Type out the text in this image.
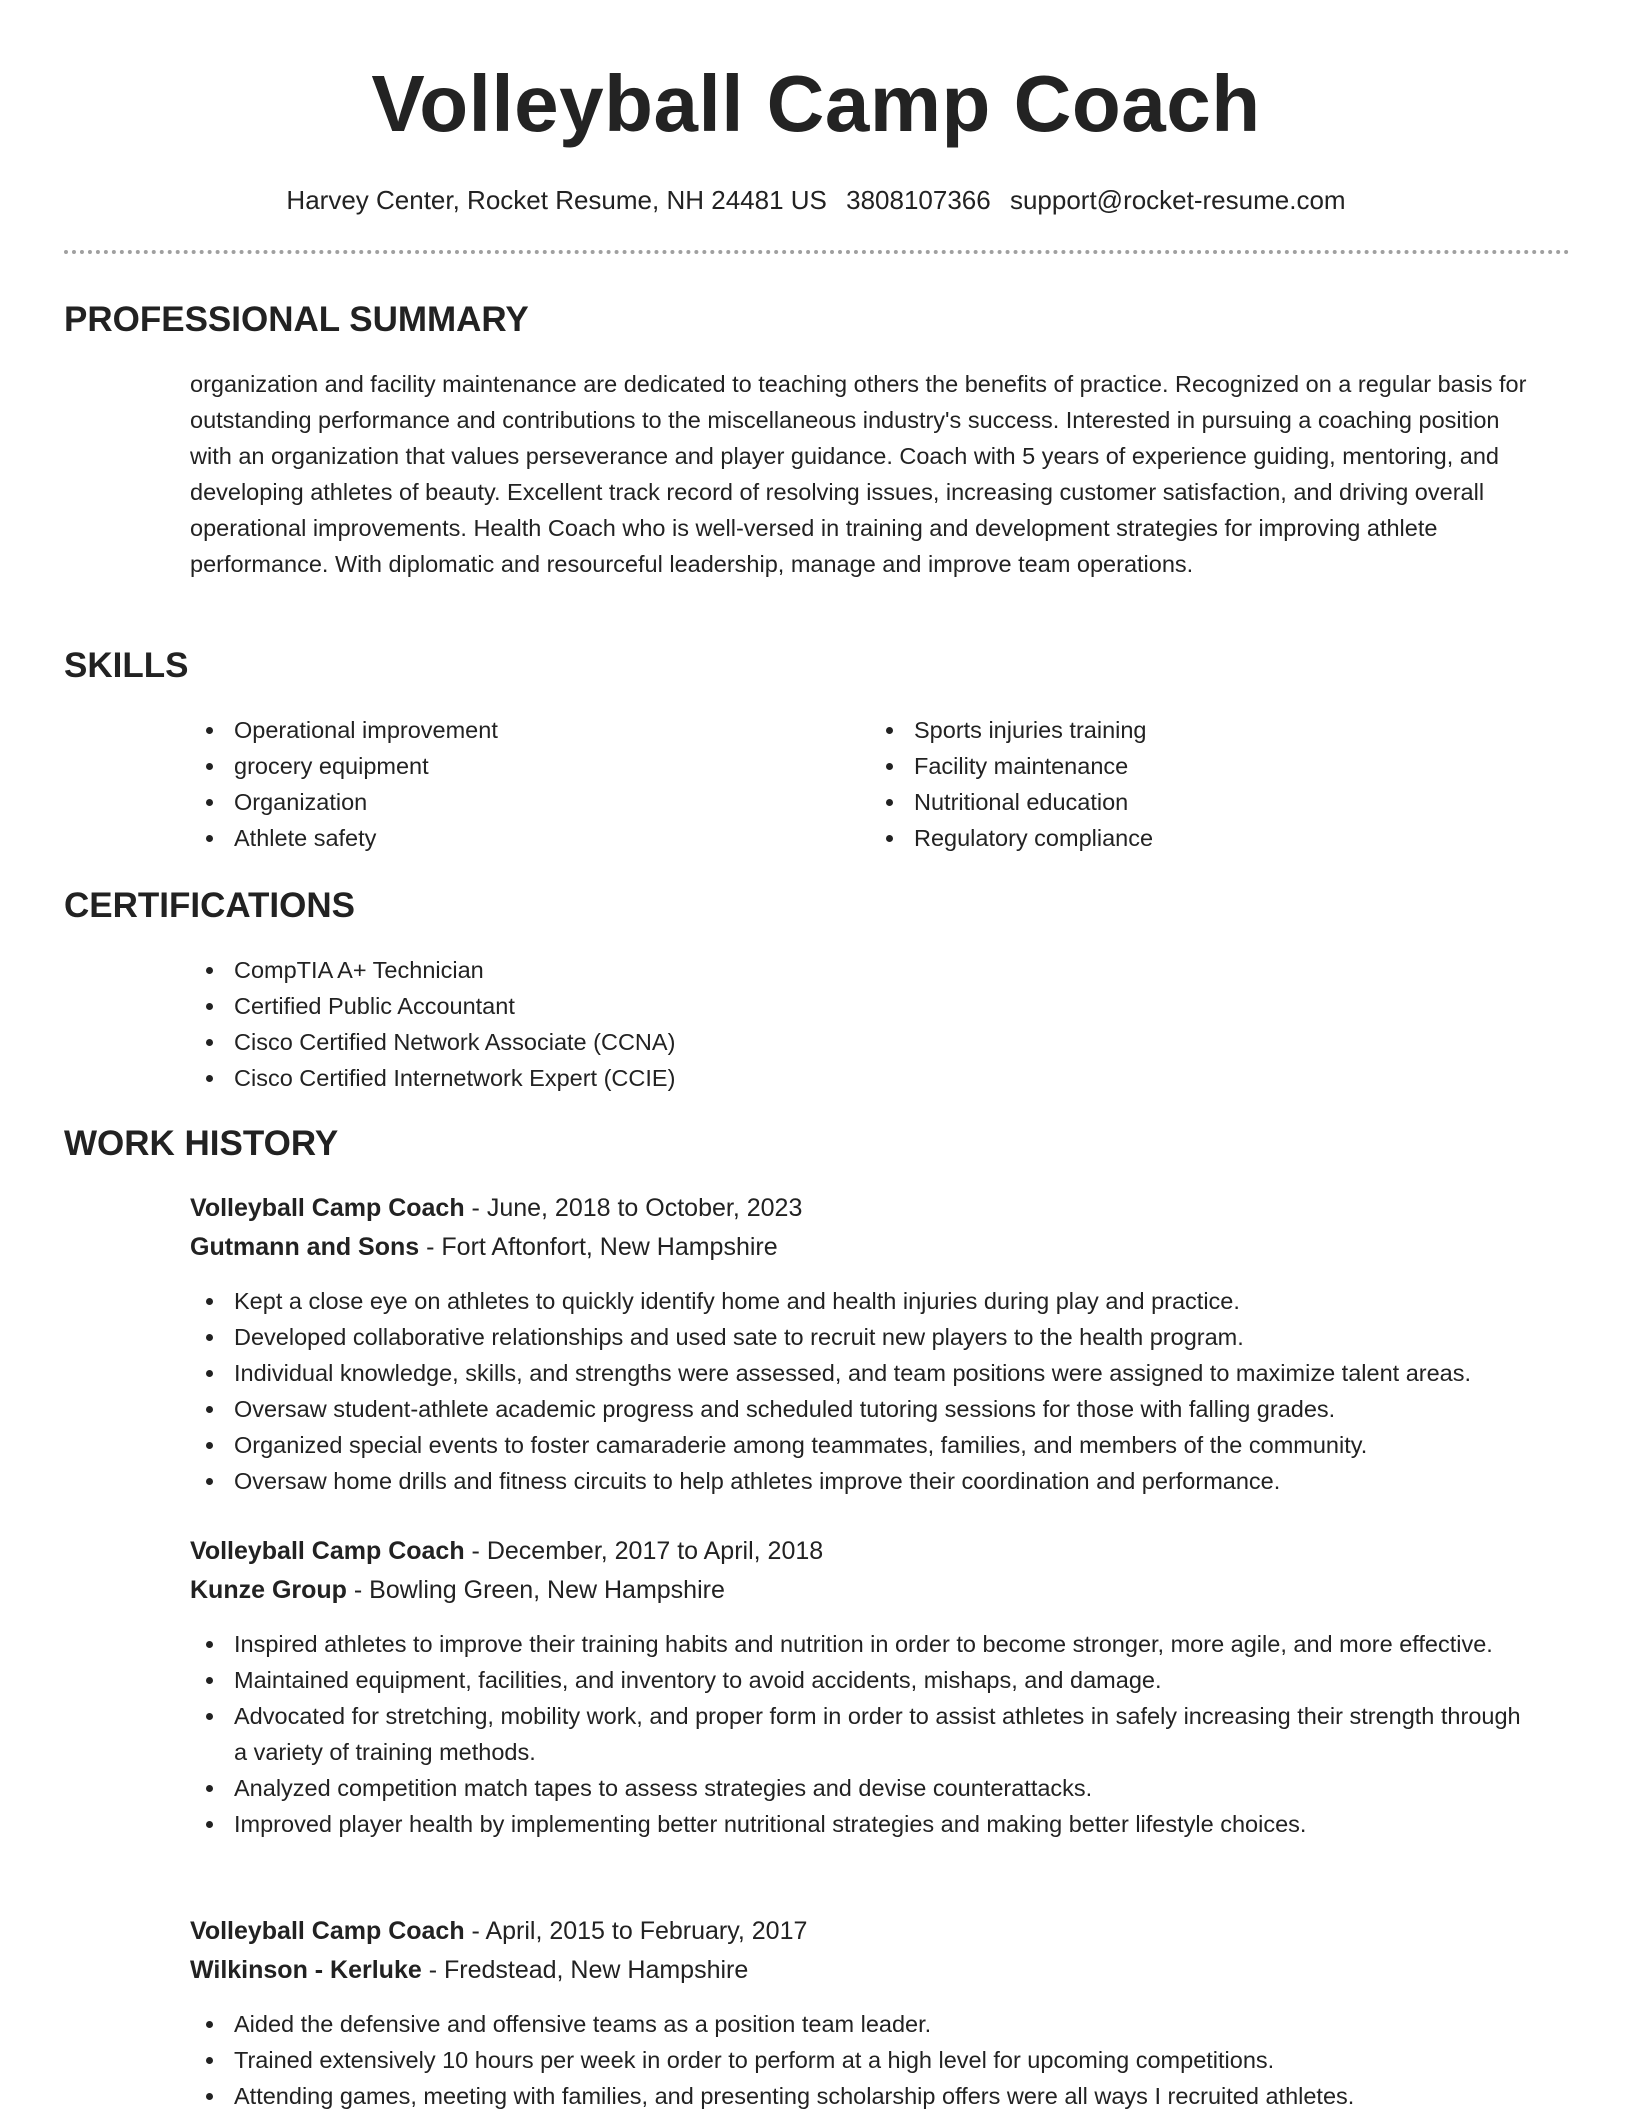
Volleyball Camp Coach
Harvey Center, Rocket Resume, NH 24481 US 3808107366 support@rocket-resume.com
PROFESSIONAL SUMMARY

organization and facility maintenance are dedicated to teaching others the benefits of practice. Recognized on a regular basis for outstanding performance and contributions to the miscellaneous industry's success. Interested in pursuing a coaching position with an organization that values perseverance and player guidance. Coach with 5 years of experience guiding, mentoring, and developing athletes of beauty. Excellent track record of resolving issues, increasing customer satisfaction, and driving overall operational improvements. Health Coach who is well-versed in training and development strategies for improving athlete performance. With diplomatic and resourceful leadership, manage and improve team operations.

SKILLS
Operational improvement
grocery equipment
Organization
Athlete safety
Sports injuries training
Facility maintenance
Nutritional education
Regulatory compliance
CERTIFICATIONS
CompTIA A+ Technician
Certified Public Accountant
Cisco Certified Network Associate (CCNA)
Cisco Certified Internetwork Expert (CCIE)
WORK HISTORY
Volleyball Camp Coach - June, 2018 to October, 2023
Gutmann and Sons - Fort Aftonfort, New Hampshire
Kept a close eye on athletes to quickly identify home and health injuries during play and practice.
Developed collaborative relationships and used sate to recruit new players to the health program.
Individual knowledge, skills, and strengths were assessed, and team positions were assigned to maximize talent areas.
Oversaw student-athlete academic progress and scheduled tutoring sessions for those with falling grades.
Organized special events to foster camaraderie among teammates, families, and members of the community.
Oversaw home drills and fitness circuits to help athletes improve their coordination and performance.
Volleyball Camp Coach - December, 2017 to April, 2018
Kunze Group - Bowling Green, New Hampshire
Inspired athletes to improve their training habits and nutrition in order to become stronger, more agile, and more effective.
Maintained equipment, facilities, and inventory to avoid accidents, mishaps, and damage.
Advocated for stretching, mobility work, and proper form in order to assist athletes in safely increasing their strength through a variety of training methods.
Analyzed competition match tapes to assess strategies and devise counterattacks.
Improved player health by implementing better nutritional strategies and making better lifestyle choices.
Volleyball Camp Coach - April, 2015 to February, 2017
Wilkinson - Kerluke - Fredstead, New Hampshire
Aided the defensive and offensive teams as a position team leader.
Trained extensively 10 hours per week in order to perform at a high level for upcoming competitions.
Attending games, meeting with families, and presenting scholarship offers were all ways I recruited athletes.
